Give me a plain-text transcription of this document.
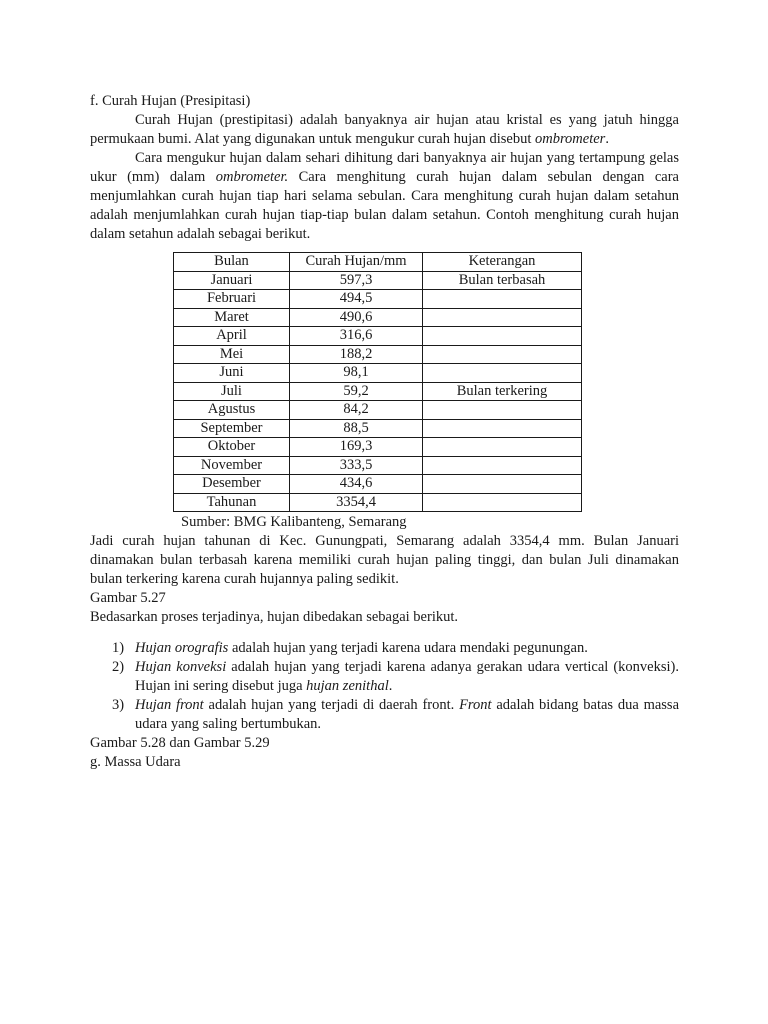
f. Curah Hujan (Presipitasi)

Curah Hujan (prestipitasi) adalah banyaknya air hujan atau kristal es yang jatuh hingga permukaan bumi. Alat yang digunakan untuk mengukur curah hujan disebut ombrometer.

Cara mengukur hujan dalam sehari dihitung dari banyaknya air hujan yang tertampung gelas ukur (mm) dalam ombrometer. Cara menghitung curah hujan dalam sebulan dengan cara menjumlahkan curah hujan tiap hari selama sebulan. Cara menghitung curah hujan dalam setahun adalah menjumlahkan curah hujan tiap-tiap bulan dalam setahun. Contoh menghitung curah hujan dalam setahun adalah sebagai berikut.

Bulan	Curah Hujan/mm	Keterangan
Januari	597,3	Bulan terbasah
Februari	494,5	
Maret	490,6	
April	316,6	
Mei	188,2	
Juni	98,1	
Juli	59,2	Bulan terkering
Agustus	84,2	
September	88,5	
Oktober	169,3	
November	333,5	
Desember	434,6	
Tahunan	3354,4	
Sumber: BMG Kalibanteng, Semarang

Jadi curah hujan tahunan di Kec. Gunungpati, Semarang adalah 3354,4 mm. Bulan Januari dinamakan bulan terbasah karena memiliki curah hujan paling tinggi, dan bulan Juli dinamakan bulan terkering karena curah hujannya paling sedikit.

Gambar 5.27

Bedasarkan proses terjadinya, hujan dibedakan sebagai berikut.

1) Hujan orografis adalah hujan yang terjadi karena udara mendaki pegunungan.
2) Hujan konveksi adalah hujan yang terjadi karena adanya gerakan udara vertical (konveksi). Hujan ini sering disebut juga hujan zenithal.
3) Hujan front adalah hujan yang terjadi di daerah front. Front adalah bidang batas dua massa udara yang saling bertumbukan.

Gambar 5.28 dan Gambar 5.29

g. Massa Udara
